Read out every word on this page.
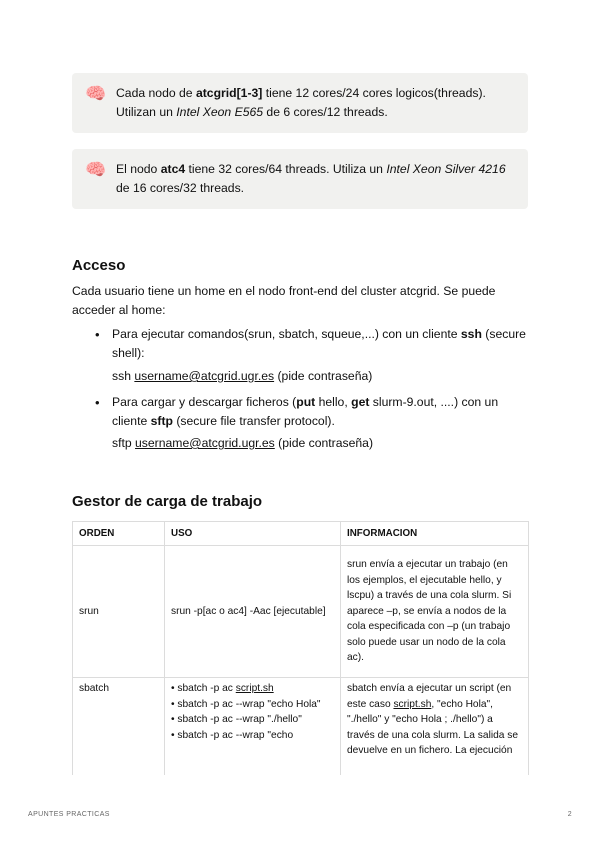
🧠 Cada nodo de atcgrid[1-3] tiene 12 cores/24 cores logicos(threads). Utilizan un Intel Xeon E565 de 6 cores/12 threads.
🧠 El nodo atc4 tiene 32 cores/64 threads. Utiliza un Intel Xeon Silver 4216 de 16 cores/32 threads.
Acceso

Cada usuario tiene un home en el nodo front-end del cluster atcgrid. Se puede acceder al home:

• Para ejecutar comandos(srun, sbatch, squeue,...) con un cliente ssh (secure shell):

ssh username@atcgrid.ugr.es (pide contraseña)

• Para cargar y descargar ficheros (put hello, get slurm-9.out, ....) con un cliente sftp (secure file transfer protocol).

sftp username@atcgrid.ugr.es (pide contraseña)

Gestor de carga de trabajo
ORDEN	USO	INFORMACION
srun	srun -p[ac o ac4] -Aac [ejecutable]	srun envía a ejecutar un trabajo (en los ejemplos, el ejecutable hello, y lscpu) a través de una cola slurm. Si aparece –p, se envía a nodos de la cola especificada con –p (un trabajo solo puede usar un nodo de la cola ac).
sbatch	• sbatch -p ac script.sh
• sbatch -p ac --wrap "echo Hola"
• sbatch -p ac --wrap "./hello"
• sbatch -p ac --wrap "echo	sbatch envía a ejecutar un script (en este caso script.sh, "echo Hola", "./hello" y "echo Hola ; ./hello") a través de una cola slurm. La salida se devuelve en un fichero. La ejecución
APUNTES PRACTICAS	2
